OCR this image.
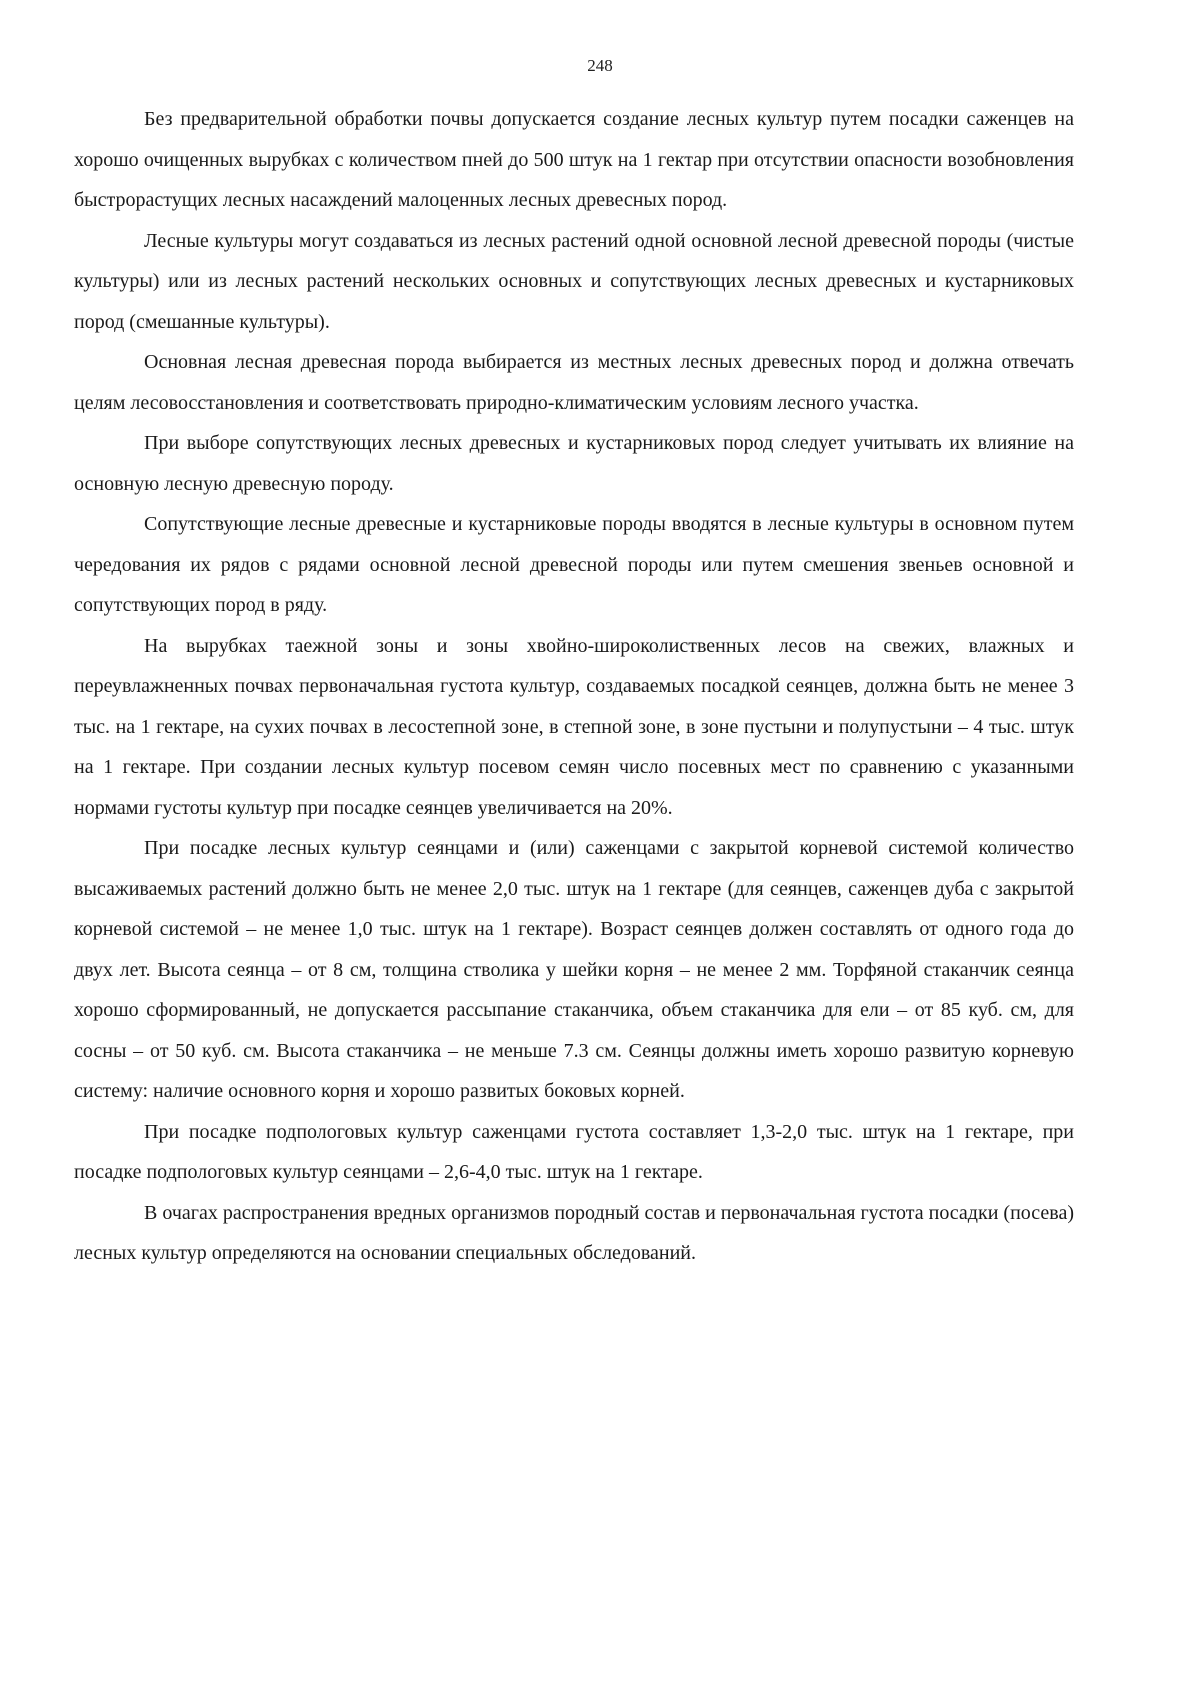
248

Без предварительной обработки почвы допускается создание лесных культур путем посадки саженцев на хорошо очищенных вырубках с количеством пней до 500 штук на 1 гектар при отсутствии опасности возобновления быстрорастущих лесных насаждений малоценных лесных древесных пород.

Лесные культуры могут создаваться из лесных растений одной основной лесной древесной породы (чистые культуры) или из лесных растений нескольких основных и сопутствующих лесных древесных и кустарниковых пород (смешанные культуры).

Основная лесная древесная порода выбирается из местных лесных древесных пород и должна отвечать целям лесовосстановления и соответствовать природно-климатическим условиям лесного участка.

При выборе сопутствующих лесных древесных и кустарниковых пород следует учитывать их влияние на основную лесную древесную породу.

Сопутствующие лесные древесные и кустарниковые породы вводятся в лесные культуры в основном путем чередования их рядов с рядами основной лесной древесной породы или путем смешения звеньев основной и сопутствующих пород в ряду.

На вырубках таежной зоны и зоны хвойно-широколиственных лесов на свежих, влажных и переувлажненных почвах первоначальная густота культур, создаваемых посадкой сеянцев, должна быть не менее 3 тыс. на 1 гектаре, на сухих почвах в лесостепной зоне, в степной зоне, в зоне пустыни и полупустыни – 4 тыс. штук на 1 гектаре. При создании лесных культур посевом семян число посевных мест по сравнению с указанными нормами густоты культур при посадке сеянцев увеличивается на 20%.

При посадке лесных культур сеянцами и (или) саженцами с закрытой корневой системой количество высаживаемых растений должно быть не менее 2,0 тыс. штук на 1 гектаре (для сеянцев, саженцев дуба с закрытой корневой системой – не менее 1,0 тыс. штук на 1 гектаре). Возраст сеянцев должен составлять от одного года до двух лет. Высота сеянца – от 8 см, толщина стволика у шейки корня – не менее 2 мм. Торфяной стаканчик сеянца хорошо сформированный, не допускается рассыпание стаканчика, объем стаканчика для ели – от 85 куб. см, для сосны – от 50 куб. см. Высота стаканчика – не меньше 7.3 см. Сеянцы должны иметь хорошо развитую корневую систему: наличие основного корня и хорошо развитых боковых корней.

При посадке подпологовых культур саженцами густота составляет 1,3-2,0 тыс. штук на 1 гектаре, при посадке подпологовых культур сеянцами – 2,6-4,0 тыс. штук на 1 гектаре.

В очагах распространения вредных организмов породный состав и первоначальная густота посадки (посева) лесных культур определяются на основании специальных обследований.
